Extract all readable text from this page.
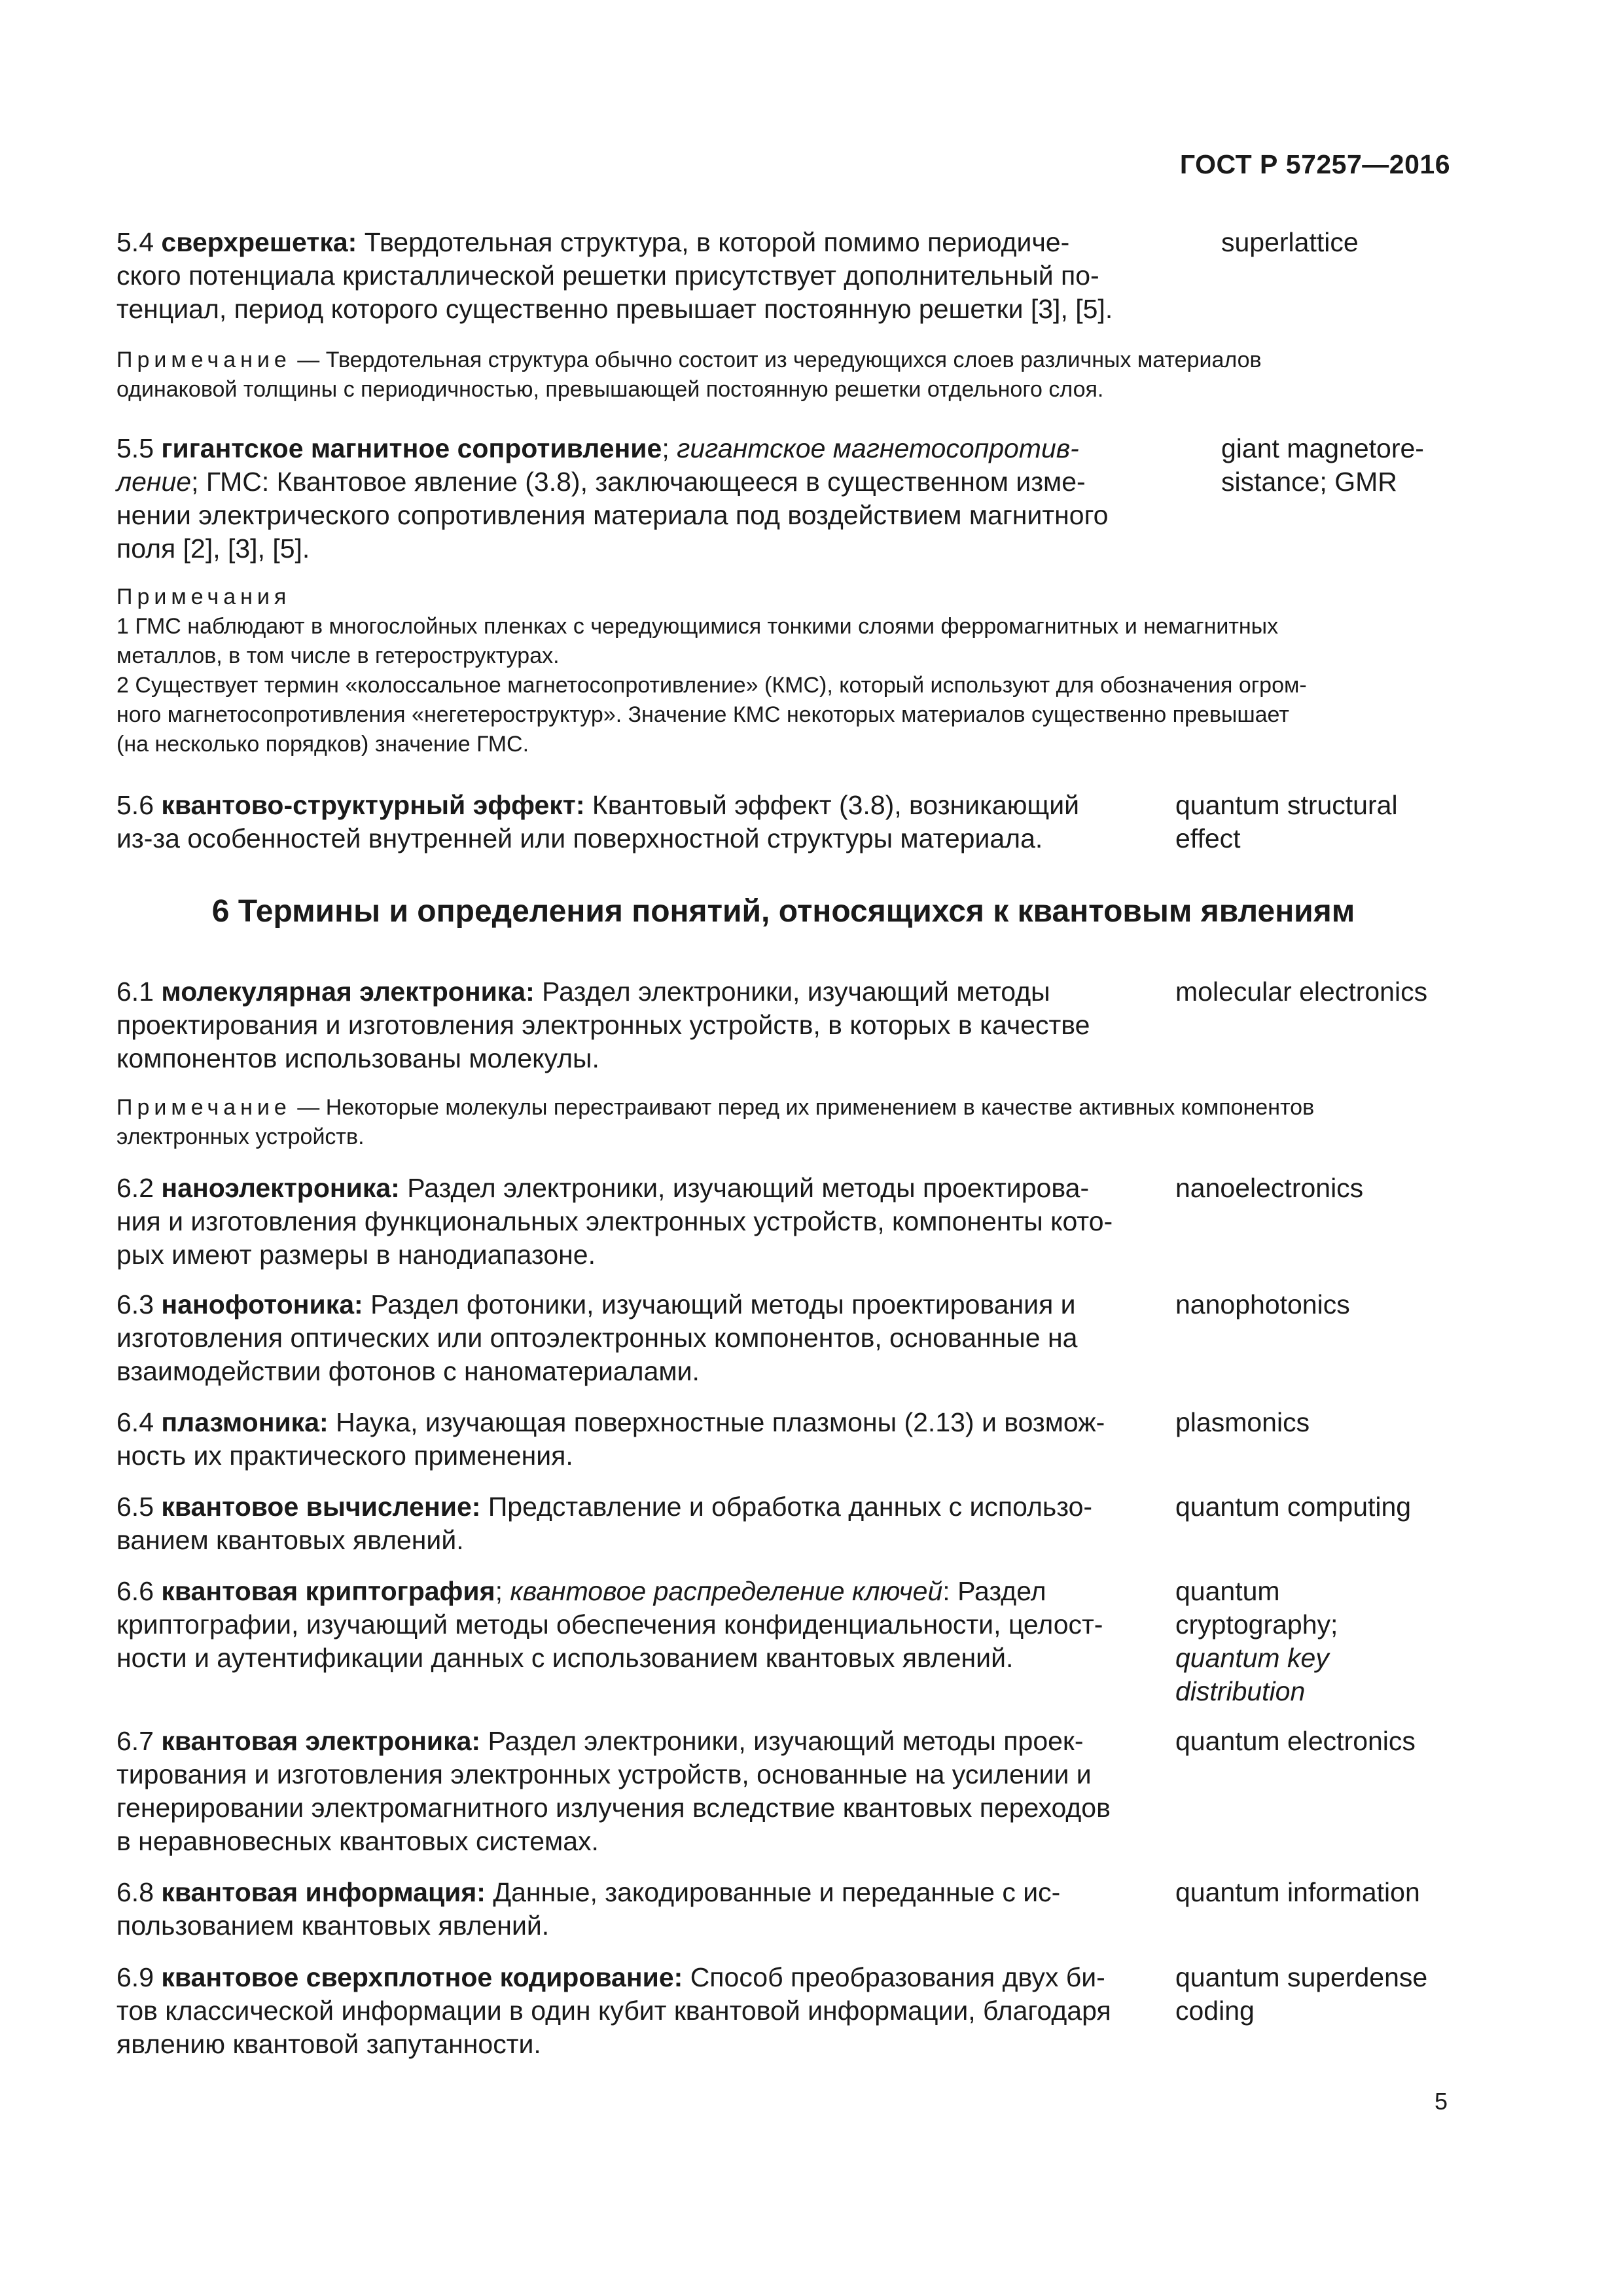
ГОСТ Р 57257—2016
5.4 сверхрешетка: Твердотельная структура, в которой помимо периодиче-
ского потенциала кристаллической решетки присутствует дополнительный по-
тенциал, период которого существенно превышает постоянную решетки [3], [5].
superlattice
Примечание — Твердотельная структура обычно состоит из чередующихся слоев различных материалов
одинаковой толщины с периодичностью, превышающей постоянную решетки отдельного слоя.
5.5 гигантское магнитное сопротивление; гигантское магнетосопротив-
ление; ГМС: Квантовое явление (3.8), заключающееся в существенном изме-
нении электрического сопротивления материала под воздействием магнитного
поля [2], [3], [5].
giant magnetore-
sistance; GMR
Примечания
1 ГМС наблюдают в многослойных пленках с чередующимися тонкими слоями ферромагнитных и немагнитных
металлов, в том числе в гетероструктурах.
2 Существует термин «колоссальное магнетосопротивление» (КМС), который используют для обозначения огром-
ного магнетосопротивления «негетероструктур». Значение КМС некоторых материалов существенно превышает
(на несколько порядков) значение ГМС.
5.6 квантово-структурный эффект: Квантовый эффект (3.8), возникающий
из-за особенностей внутренней или поверхностной структуры материала.
quantum structural
effect
6 Термины и определения понятий, относящихся к квантовым явлениям
6.1 молекулярная электроника: Раздел электроники, изучающий методы
проектирования и изготовления электронных устройств, в которых в качестве
компонентов использованы молекулы.
molecular electronics
Примечание — Некоторые молекулы перестраивают перед их применением в качестве активных компонентов
электронных устройств.
6.2 наноэлектроника: Раздел электроники, изучающий методы проектирова-
ния и изготовления функциональных электронных устройств, компоненты кото-
рых имеют размеры в нанодиапазоне.
nanoelectronics
6.3 нанофотоника: Раздел фотоники, изучающий методы проектирования и
изготовления оптических или оптоэлектронных компонентов, основанные на
взаимодействии фотонов с наноматериалами.
nanophotonics
6.4 плазмоника: Наука, изучающая поверхностные плазмоны (2.13) и возмож-
ность их практического применения.
plasmonics
6.5 квантовое вычисление: Представление и обработка данных с использо-
ванием квантовых явлений.
quantum computing
6.6 квантовая криптография; квантовое распределение ключей: Раздел
криптографии, изучающий методы обеспечения конфиденциальности, целост-
ности и аутентификации данных с использованием квантовых явлений.
quantum
cryptography;
quantum key
distribution
6.7 квантовая электроника: Раздел электроники, изучающий методы проек-
тирования и изготовления электронных устройств, основанные на усилении и
генерировании электромагнитного излучения вследствие квантовых переходов
в неравновесных квантовых системах.
quantum electronics
6.8 квантовая информация: Данные, закодированные и переданные с ис-
пользованием квантовых явлений.
quantum information
6.9 квантовое сверхплотное кодирование: Способ преобразования двух би-
тов классической информации в один кубит квантовой информации, благодаря
явлению квантовой запутанности.
quantum superdense
coding
5
